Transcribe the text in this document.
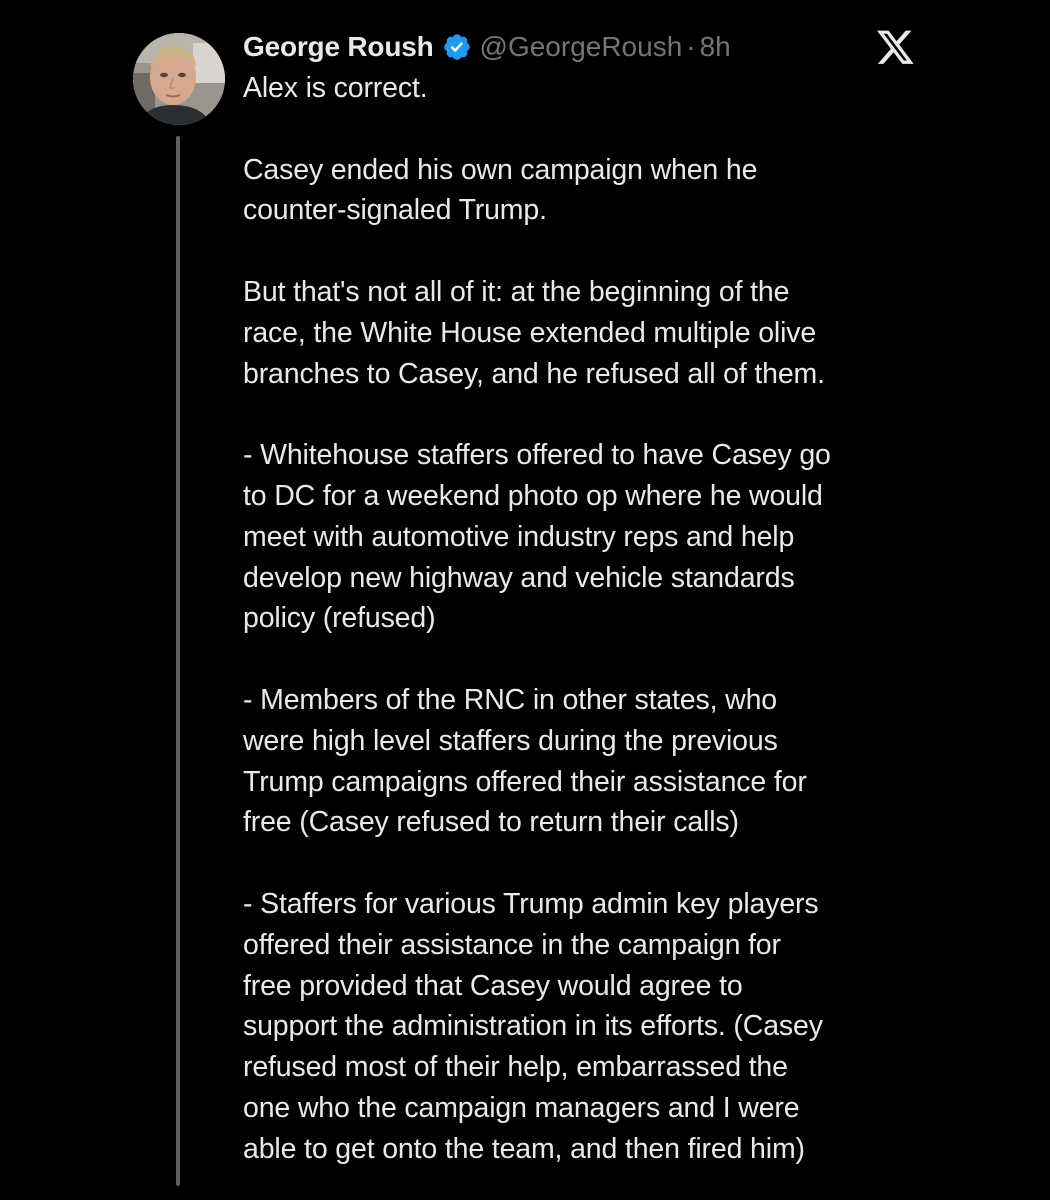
George Roush @GeorgeRoush · 8h
Alex is correct.
Casey ended his own campaign when he
counter-signaled Trump.
But that's not all of it: at the beginning of the
race, the White House extended multiple olive
branches to Casey, and he refused all of them.
- Whitehouse staffers offered to have Casey go
to DC for a weekend photo op where he would
meet with automotive industry reps and help
develop new highway and vehicle standards
policy (refused)
- Members of the RNC in other states, who
were high level staffers during the previous
Trump campaigns offered their assistance for
free (Casey refused to return their calls)
- Staffers for various Trump admin key players
offered their assistance in the campaign for
free provided that Casey would agree to
support the administration in its efforts. (Casey
refused most of their help, embarrassed the
one who the campaign managers and I were
able to get onto the team, and then fired him)
